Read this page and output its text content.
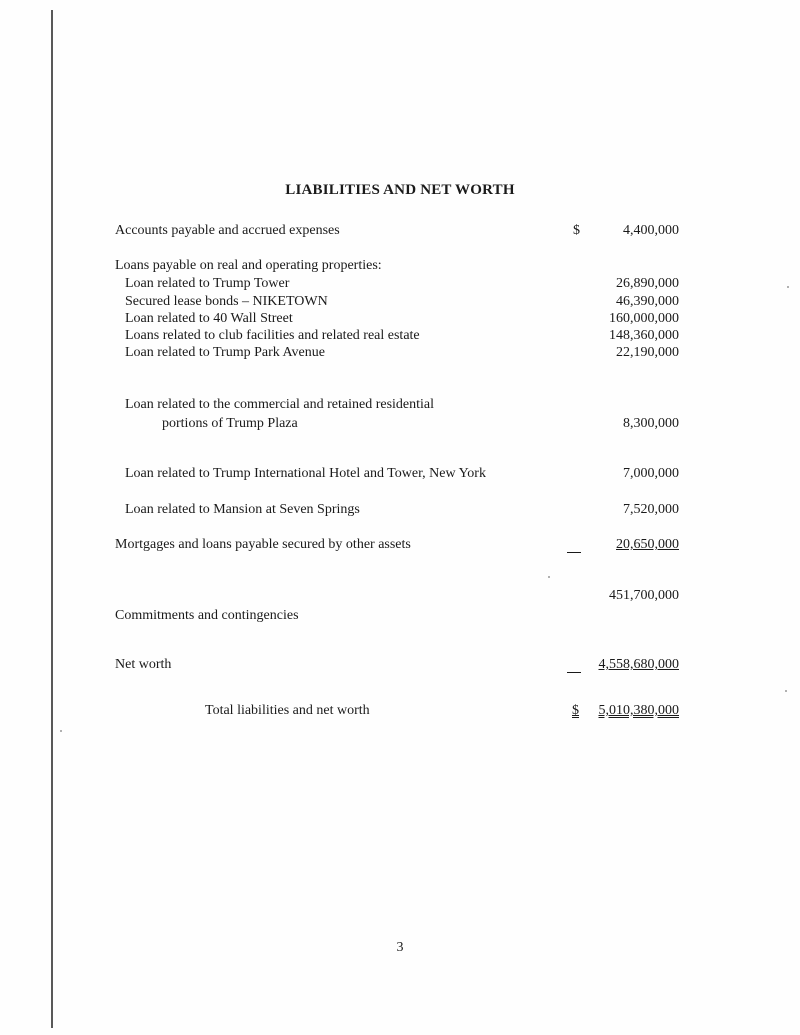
LIABILITIES AND NET WORTH
Accounts payable and accrued expenses	$	4,400,000
Loans payable on real and operating properties:
Loan related to Trump Tower	26,890,000
Secured lease bonds – NIKETOWN	46,390,000
Loan related to 40 Wall Street	160,000,000
Loans related to club facilities and related real estate	148,360,000
Loan related to Trump Park Avenue	22,190,000
Loan related to the commercial and retained residential
portions of Trump Plaza	8,300,000
Loan related to Trump International Hotel and Tower, New York	7,000,000
Loan related to Mansion at Seven Springs	7,520,000
Mortgages and loans payable secured by other assets	20,650,000
451,700,000
Commitments and contingencies
Net worth	4,558,680,000
Total liabilities and net worth	$ 5,010,380,000
3
